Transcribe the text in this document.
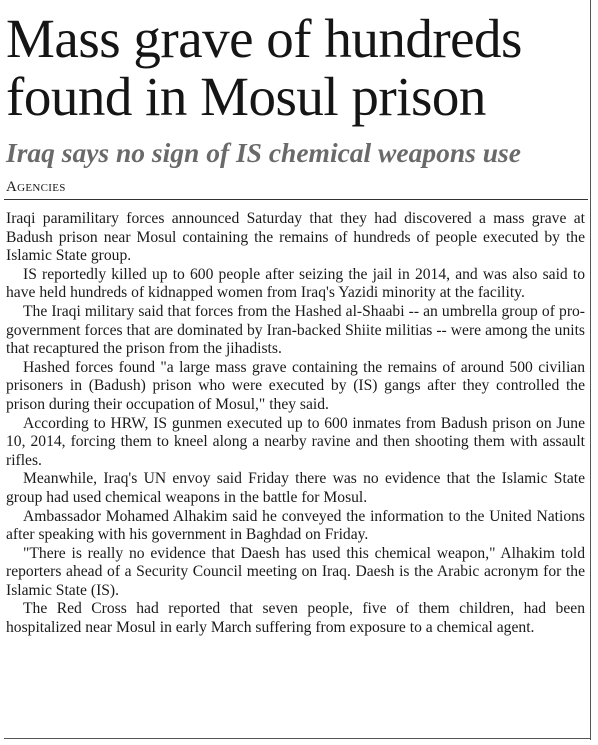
Mass grave of hundreds found in Mosul prison
Iraq says no sign of IS chemical weapons use
Agencies

Iraqi paramilitary forces announced Saturday that they had discovered a mass grave at Badush prison near Mosul containing the remains of hundreds of people executed by the Islamic State group.

IS reportedly killed up to 600 people after seizing the jail in 2014, and was also said to have held hundreds of kidnapped women from Iraq's Yazidi minority at the facility.

The Iraqi military said that forces from the Hashed al-Shaabi -- an umbrella group of pro-government forces that are dominated by Iran-backed Shiite militias -- were among the units that recaptured the prison from the jihadists.

Hashed forces found "a large mass grave containing the remains of around 500 civilian prisoners in (Badush) prison who were executed by (IS) gangs after they controlled the prison during their occupation of Mosul," they said.

According to HRW, IS gunmen executed up to 600 inmates from Badush prison on June 10, 2014, forcing them to kneel along a nearby ravine and then shooting them with assault rifles.

Meanwhile, Iraq's UN envoy said Friday there was no evidence that the Islamic State group had used chemical weapons in the battle for Mosul.

Ambassador Mohamed Alhakim said he conveyed the information to the United Nations after speaking with his government in Baghdad on Friday.

"There is really no evidence that Daesh has used this chemical weapon," Alhakim told reporters ahead of a Security Council meeting on Iraq. Daesh is the Arabic acronym for the Islamic State (IS).

The Red Cross had reported that seven people, five of them children, had been hospitalized near Mosul in early March suffering from exposure to a chemical agent.
